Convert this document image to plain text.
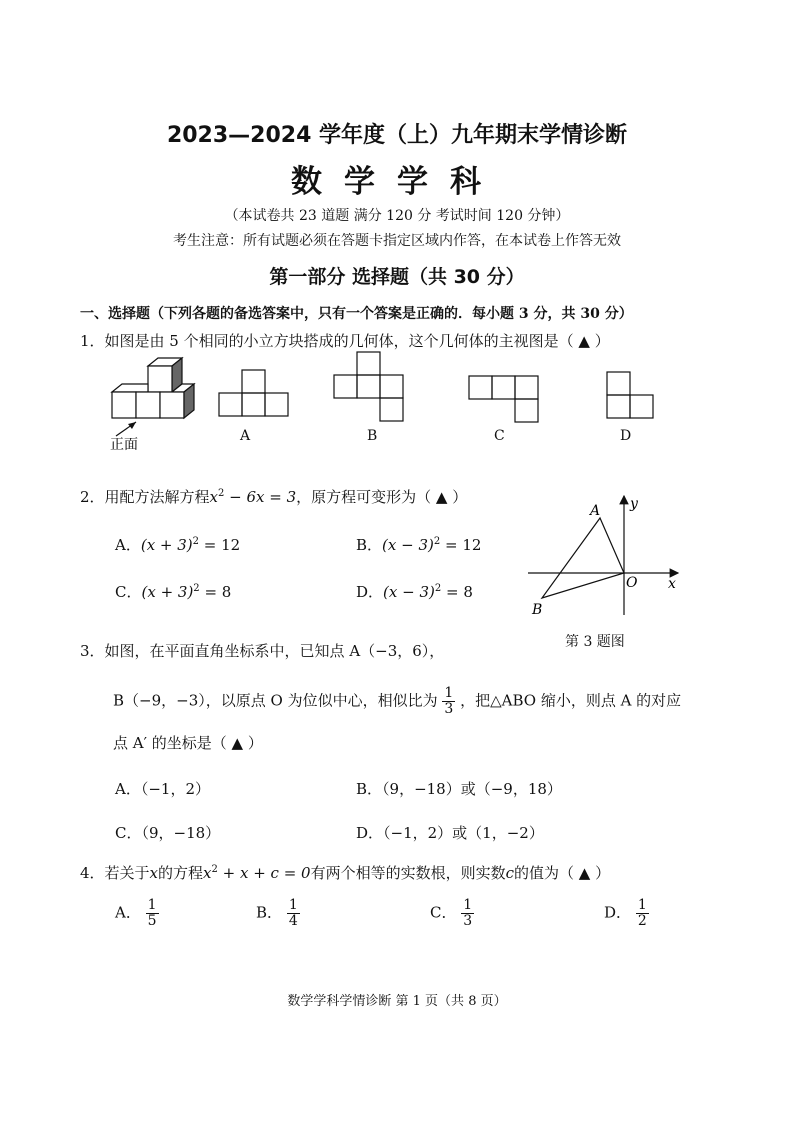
2023—2024 学年度（上）九年期末学情诊断
数学学科
（本试卷共 23 道题 满分 120 分 考试时间 120 分钟）
考生注意：所有试题必须在答题卡指定区域内作答，在本试卷上作答无效
第一部分 选择题（共 30 分）
一、选择题（下列各题的备选答案中，只有一个答案是正确的．每小题 3 分，共 30 分）
1．如图是由 5 个相同的小立方块搭成的几何体，这个几何体的主视图是（ ▲ ）
正面
A	B	C	D
2．用配方法解方程$x^2 - 6x = 3$，原方程可变形为（ ▲ ）
A．$(x + 3)^2 = 12$	B．$(x - 3)^2 = 12$
C．$(x + 3)^2 = 8$	D．$(x - 3)^2 = 8$
A
B
O x
y
第 3 题图
3．如图，在平面直角坐标系中，已知点 A（−3，6），
B（−9，−3），以原点 O 为位似中心，相似比为 $\frac{1}{3}$ ，把△ABO 缩小，则点 A 的对应
点 A′ 的坐标是（ ▲ ）
A．（−1，2）	B．（9，−18）或（−9，18）
C．（9，−18）	D．（−1，2）或（1，−2）
4．若关于x的方程$x^2 + x + c = 0$有两个相等的实数根，则实数c的值为（ ▲ ）
A． $\frac{1}{5}$	B． $\frac{1}{4}$	C． $\frac{1}{3}$	D． $\frac{1}{2}$
数学学科学情诊断 第 1 页（共 8 页）
